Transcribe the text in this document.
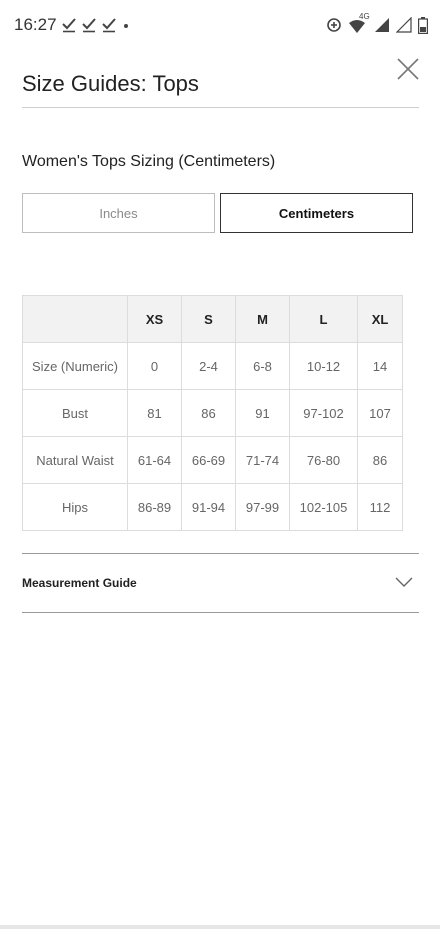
16:27	4G
Size Guides: Tops
Women's Tops Sizing (Centimeters)
Inches	Centimeters
	XS	S	M	L	XL
Size (Numeric)	0	2-4	6-8	10-12	14
Bust	81	86	91	97-102	107
Natural Waist	61-64	66-69	71-74	76-80	86
Hips	86-89	91-94	97-99	102-105	112
Measurement Guide
